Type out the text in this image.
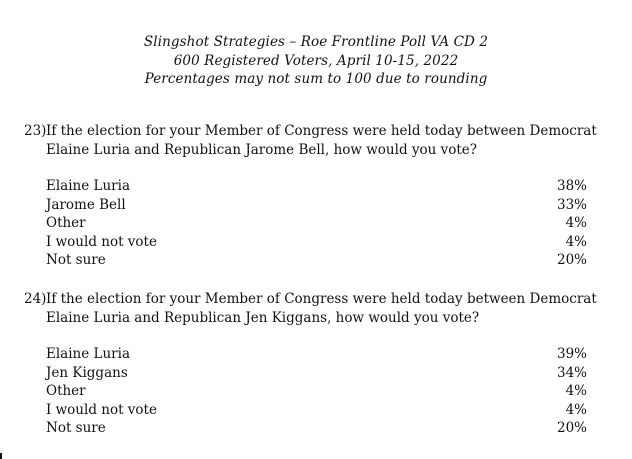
Slingshot Strategies – Roe Frontline Poll VA CD 2
600 Registered Voters, April 10-15, 2022
Percentages may not sum to 100 due to rounding
23) If the election for your Member of Congress were held today between Democrat
Elaine Luria and Republican Jarome Bell, how would you vote?
Elaine Luria	38%
Jarome Bell	33%
Other	4%
I would not vote	4%
Not sure	20%
24) If the election for your Member of Congress were held today between Democrat
Elaine Luria and Republican Jen Kiggans, how would you vote?
Elaine Luria	39%
Jen Kiggans	34%
Other	4%
I would not vote	4%
Not sure	20%
